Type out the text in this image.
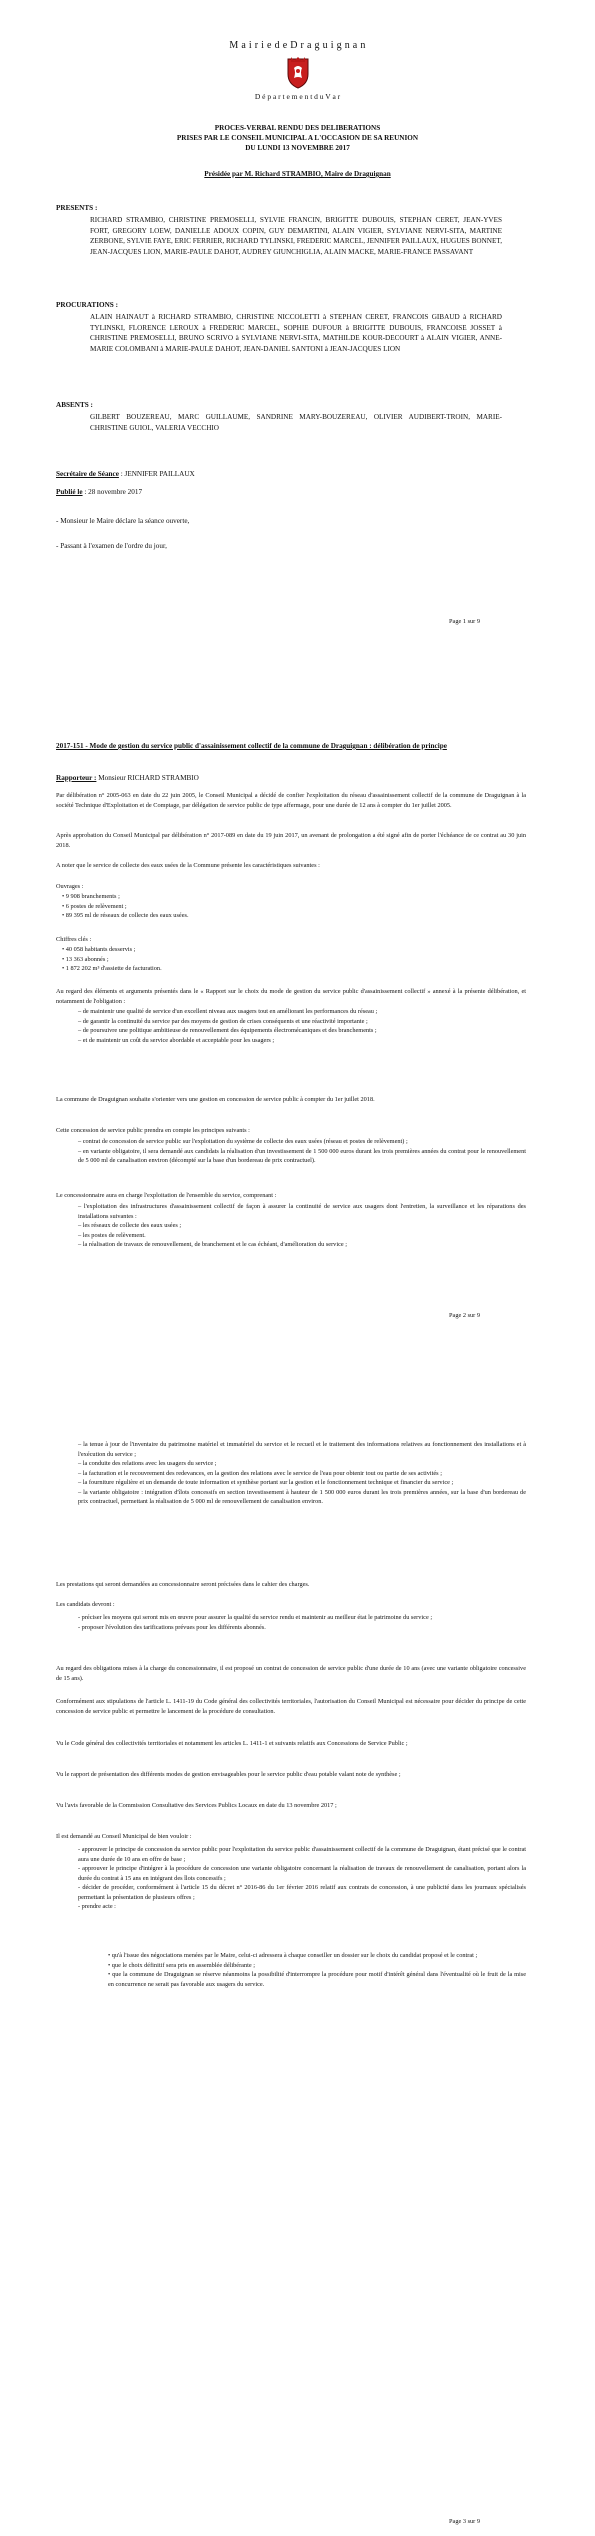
M a i r i e d e D r a g u i g n a n
D é p a r t e m e n t d u V a r
PROCES-VERBAL RENDU DES DELIBERATIONS
PRISES PAR LE CONSEIL MUNICIPAL A L'OCCASION DE SA REUNION
DU LUNDI 13 NOVEMBRE 2017
Présidée par M. Richard STRAMBIO, Maire de Draguignan
PRESENTS :

RICHARD STRAMBIO, CHRISTINE PREMOSELLI, SYLVIE FRANCIN, BRIGITTE DUBOUIS, STEPHAN CERET, JEAN-YVES FORT, GREGORY LOEW, DANIELLE ADOUX COPIN, GUY DEMARTINI, ALAIN VIGIER, SYLVIANE NERVI-SITA, MARTINE ZERBONE, SYLVIE FAYE, ERIC FERRIER, RICHARD TYLINSKI, FREDERIC MARCEL, JENNIFER PAILLAUX, HUGUES BONNET, JEAN-JACQUES LION, MARIE-PAULE DAHOT, AUDREY GIUNCHIGLIA, ALAIN MACKE, MARIE-FRANCE PASSAVANT

PROCURATIONS :

ALAIN HAINAUT à RICHARD STRAMBIO, CHRISTINE NICCOLETTI à STEPHAN CERET, FRANCOIS GIBAUD à RICHARD TYLINSKI, FLORENCE LEROUX à FREDERIC MARCEL, SOPHIE DUFOUR à BRIGITTE DUBOUIS, FRANCOISE JOSSET à CHRISTINE PREMOSELLI, BRUNO SCRIVO à SYLVIANE NERVI-SITA, MATHILDE KOUR-DECOURT à ALAIN VIGIER, ANNE-MARIE COLOMBANI à MARIE-PAULE DAHOT, JEAN-DANIEL SANTONI à JEAN-JACQUES LION

ABSENTS :

GILBERT BOUZEREAU, MARC GUILLAUME, SANDRINE MARY-BOUZEREAU, OLIVIER AUDIBERT-TROIN, MARIE-CHRISTINE GUIOL, VALERIA VECCHIO

Secrétaire de Séance : JENNIFER PAILLAUX
Publié le : 28 novembre 2017
- Monsieur le Maire déclare la séance ouverte,
- Passant à l'examen de l'ordre du jour,
Page 1 sur 9

2017-151 - Mode de gestion du service public d'assainissement collectif de la commune de Draguignan : délibération de principe

Rapporteur : Monsieur RICHARD STRAMBIO

Par délibération n° 2005-063 en date du 22 juin 2005, le Conseil Municipal a décidé de confier l'exploitation du réseau d'assainissement collectif de la commune de Draguignan à la société Technique d'Exploitation et de Comptage, par délégation de service public de type affermage, pour une durée de 12 ans à compter du 1er juillet 2005.

Après approbation du Conseil Municipal par délibération n° 2017-089 en date du 19 juin 2017, un avenant de prolongation a été signé afin de porter l'échéance de ce contrat au 30 juin 2018.

A noter que le service de collecte des eaux usées de la Commune présente les caractéristiques suivantes :

Ouvrages :
• 9 908 branchements ;
• 6 postes de relèvement ;
• 89 395 ml de réseaux de collecte des eaux usées.
Chiffres clés :
• 40 058 habitants desservis ;
• 13 363 abonnés ;
• 1 872 202 m³ d'assiette de facturation.

Au regard des éléments et arguments présentés dans le « Rapport sur le choix du mode de gestion du service public d'assainissement collectif » annexé à la présente délibération, et notamment de l'obligation :

– de maintenir une qualité de service d'un excellent niveau aux usagers tout en améliorant les performances du réseau ;
– de garantir la continuité du service par des moyens de gestion de crises conséquents et une réactivité importante ;
– de poursuivre une politique ambitieuse de renouvellement des équipements électromécaniques et des branchements ;
– et de maintenir un coût du service abordable et acceptable pour les usagers ;

La commune de Draguignan souhaite s'orienter vers une gestion en concession de service public à compter du 1er juillet 2018.

Cette concession de service public prendra en compte les principes suivants :

– contrat de concession de service public sur l'exploitation du système de collecte des eaux usées (réseau et postes de relèvement) ;
– en variante obligatoire, il sera demandé aux candidats la réalisation d'un investissement de 1 500 000 euros durant les trois premières années du contrat pour le renouvellement de 5 000 ml de canalisation environ (décompté sur la base d'un bordereau de prix contractuel).

Le concessionnaire aura en charge l'exploitation de l'ensemble du service, comprenant :

– l'exploitation des infrastructures d'assainissement collectif de façon à assurer la continuité de service aux usagers dont l'entretien, la surveillance et les réparations des installations suivantes :
– les réseaux de collecte des eaux usées ;
– les postes de relèvement.
– la réalisation de travaux de renouvellement, de branchement et le cas échéant, d'amélioration du service ;
Page 2 sur 9
– la tenue à jour de l'inventaire du patrimoine matériel et immatériel du service et le recueil et le traitement des informations relatives au fonctionnement des installations et à l'exécution du service ;
– la conduite des relations avec les usagers du service ;
– la facturation et le recouvrement des redevances, en la gestion des relations avec le service de l'eau pour obtenir tout ou partie de ses activités ;
– la fourniture régulière et un demande de toute information et synthèse portant sur la gestion et le fonctionnement technique et financier du service ;
– la variante obligatoire : intégration d'îlots concessifs en section investissement à hauteur de 1 500 000 euros durant les trois premières années, sur la base d'un bordereau de prix contractuel, permettant la réalisation de 5 000 ml de renouvellement de canalisation environ.

Les prestations qui seront demandées au concessionnaire seront précisées dans le cahier des charges.

Les candidats devront :

- préciser les moyens qui seront mis en œuvre pour assurer la qualité du service rendu et maintenir au meilleur état le patrimoine du service ;
- proposer l'évolution des tarifications prévues pour les différents abonnés.

Au regard des obligations mises à la charge du concessionnaire, il est proposé un contrat de concession de service public d'une durée de 10 ans (avec une variante obligatoire concessive de 15 ans).

Conformément aux stipulations de l'article L. 1411-19 du Code général des collectivités territoriales, l'autorisation du Conseil Municipal est nécessaire pour décider du principe de cette concession de service public et permettre le lancement de la procédure de consultation.

Vu le Code général des collectivités territoriales et notamment les articles L. 1411-1 et suivants relatifs aux Concessions de Service Public ;

Vu le rapport de présentation des différents modes de gestion envisageables pour le service public d'eau potable valant note de synthèse ;

Vu l'avis favorable de la Commission Consultative des Services Publics Locaux en date du 13 novembre 2017 ;

Il est demandé au Conseil Municipal de bien vouloir :

- approuver le principe de concession du service public pour l'exploitation du service public d'assainissement collectif de la commune de Draguignan, étant précisé que le contrat aura une durée de 10 ans en offre de base ;
- approuver le principe d'intégrer à la procédure de concession une variante obligatoire concernant la réalisation de travaux de renouvellement de canalisation, portant alors la durée du contrat à 15 ans en intégrant des îlots concessifs ;
- décider de procéder, conformément à l'article 15 du décret n° 2016-86 du 1er février 2016 relatif aux contrats de concession, à une publicité dans les journaux spécialisés permettant la présentation de plusieurs offres ;
- prendre acte :
• qu'à l'issue des négociations menées par le Maire, celui-ci adressera à chaque conseiller un dossier sur le choix du candidat proposé et le contrat ;
• que le choix définitif sera pris en assemblée délibérante ;
• que la commune de Draguignan se réserve néanmoins la possibilité d'interrompre la procédure pour motif d'intérêt général dans l'éventualité où le fruit de la mise en concurrence ne serait pas favorable aux usagers du service.
Page 3 sur 9
